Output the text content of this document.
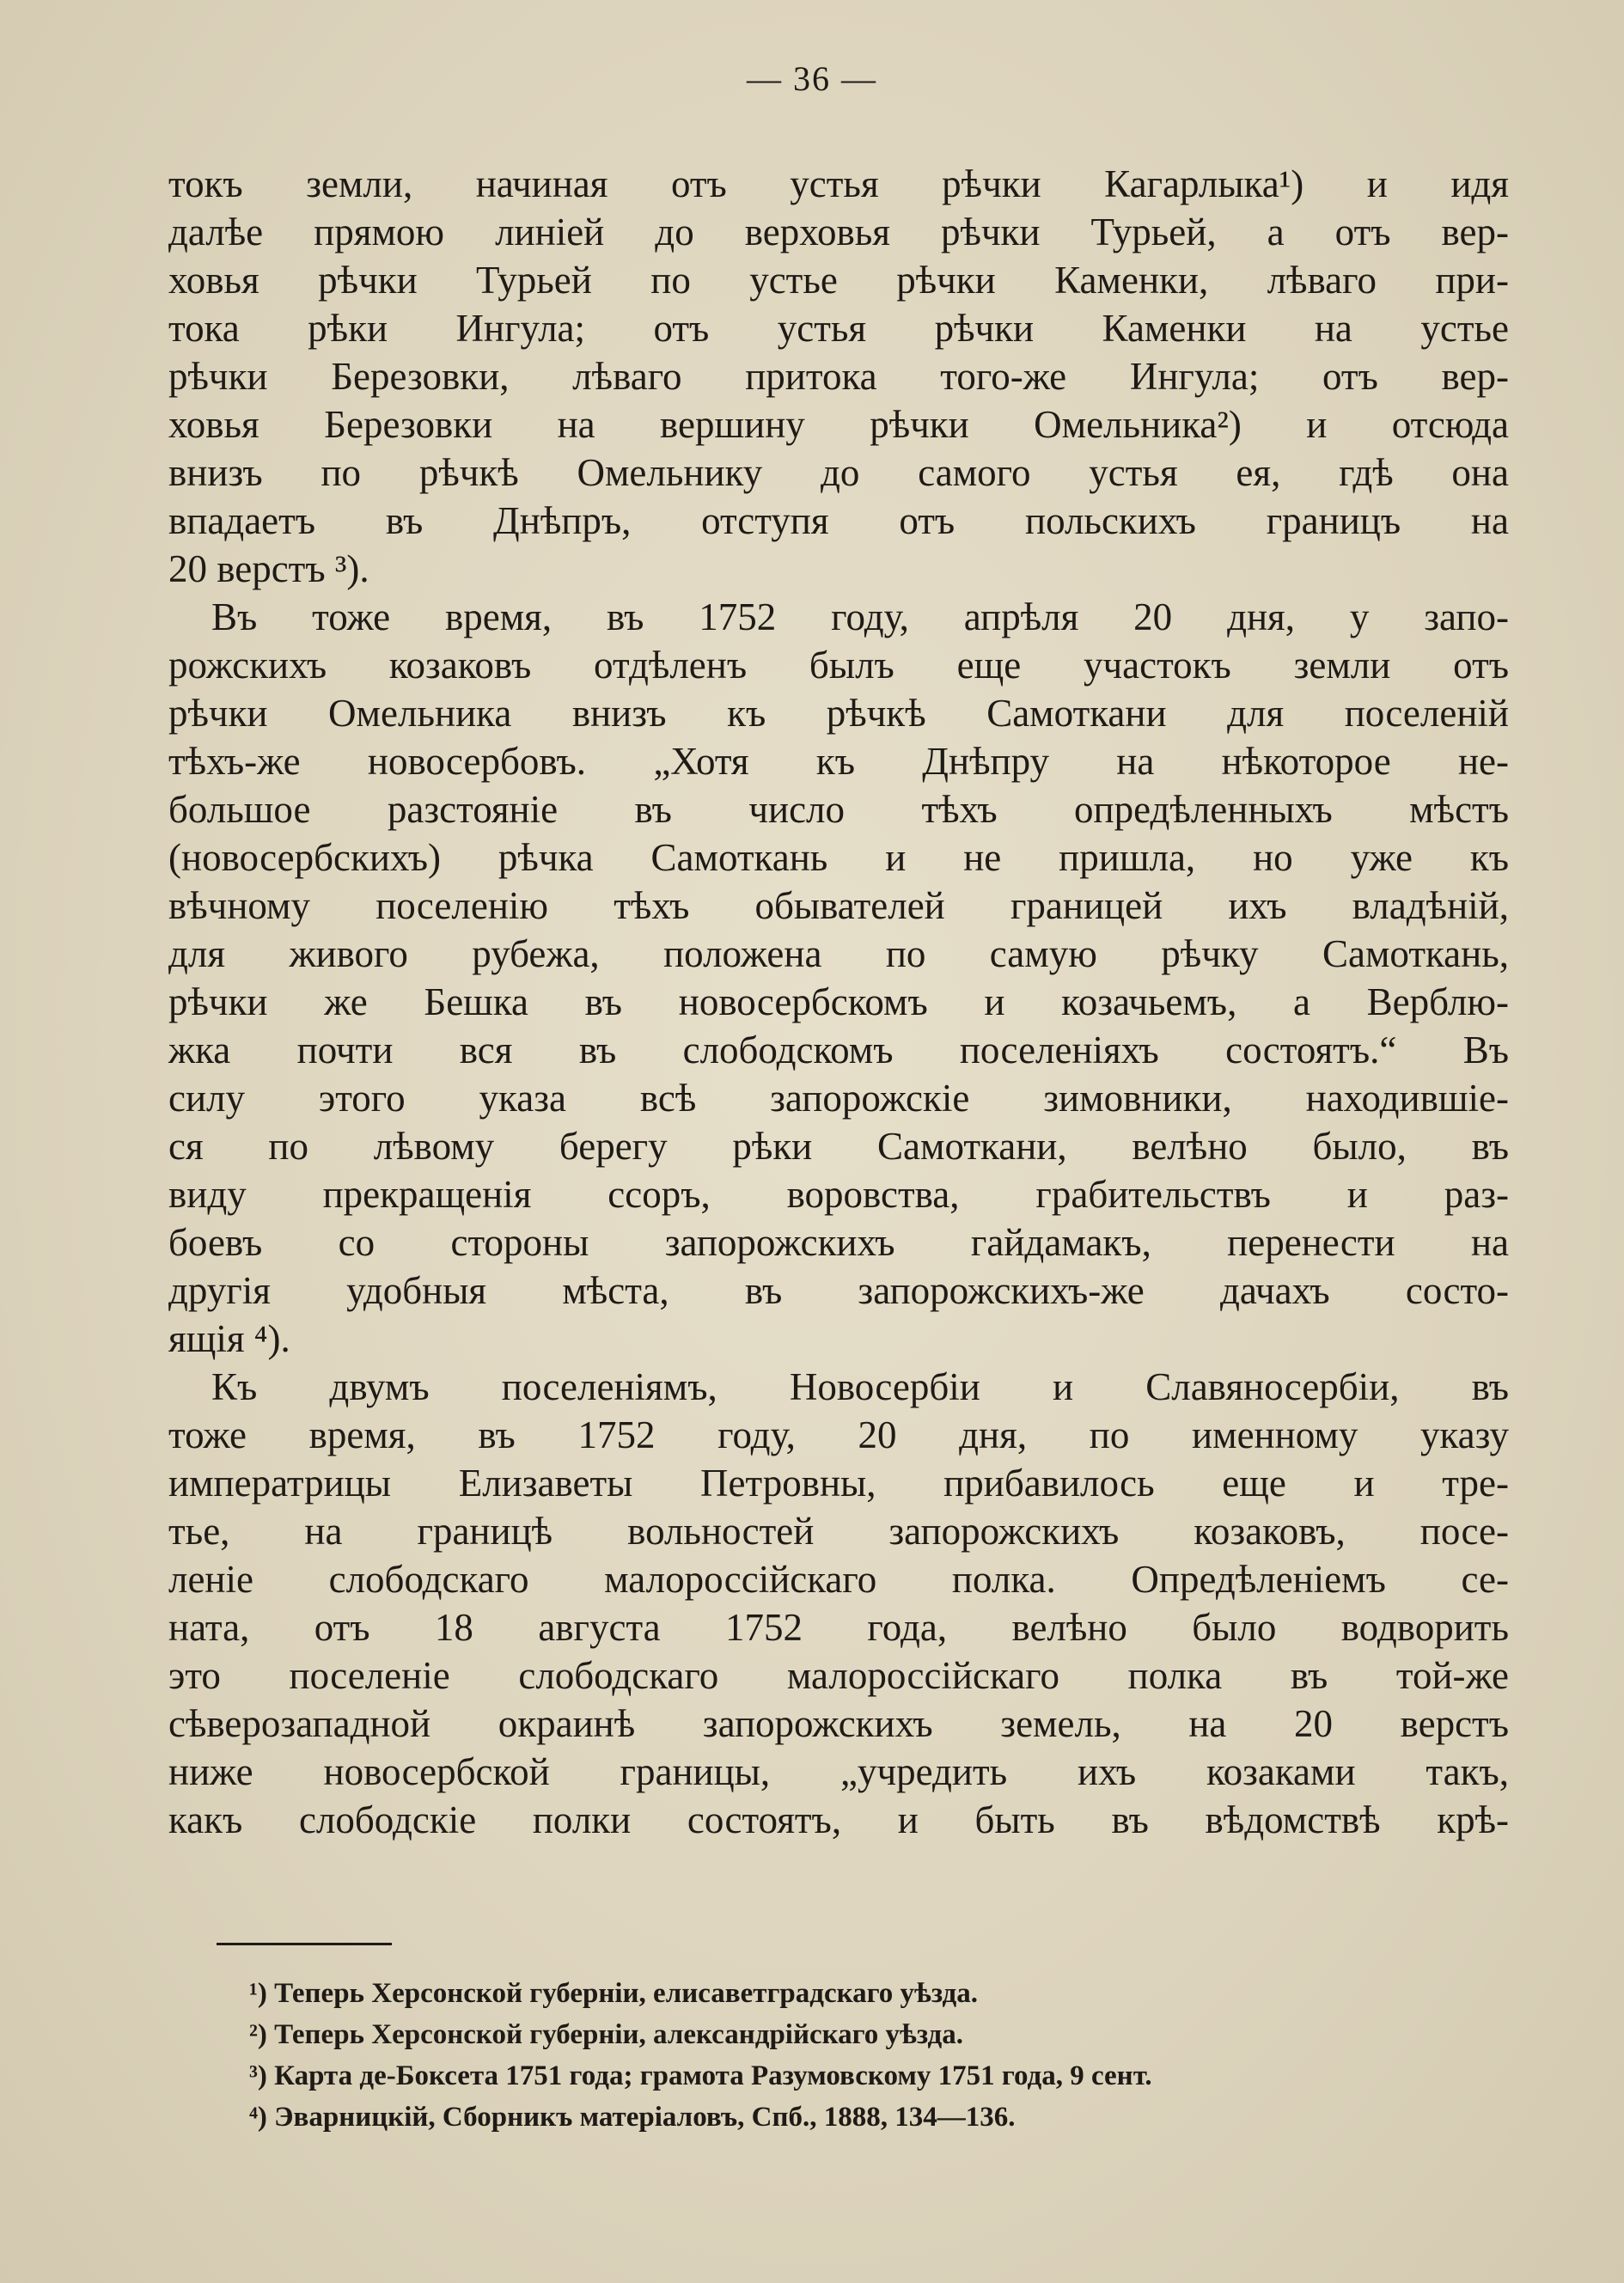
— 36 —
токъ земли, начиная отъ устья рѣчки Кагарлыка¹) и идя
далѣе прямою линіей до верховья рѣчки Турьей, а отъ вер-
ховья рѣчки Турьей по устье рѣчки Каменки, лѣваго при-
тока рѣки Ингула; отъ устья рѣчки Каменки на устье
рѣчки Березовки, лѣваго притока того-же Ингула; отъ вер-
ховья Березовки на вершину рѣчки Омельника²) и отсюда
внизъ по рѣчкѣ Омельнику до самого устья ея, гдѣ она
впадаетъ въ Днѣпръ, отступя отъ польскихъ границъ на
20 верстъ ³).
Въ тоже время, въ 1752 году, апрѣля 20 дня, у запо-
рожскихъ козаковъ отдѣленъ былъ еще участокъ земли отъ
рѣчки Омельника внизъ къ рѣчкѣ Самоткани для поселеній
тѣхъ-же новосербовъ. „Хотя къ Днѣпру на нѣкоторое не-
большое разстояніе въ число тѣхъ опредѣленныхъ мѣстъ
(новосербскихъ) рѣчка Самоткань и не пришла, но уже къ
вѣчному поселенію тѣхъ обывателей границей ихъ владѣній,
для живого рубежа, положена по самую рѣчку Самоткань,
рѣчки же Бешка въ новосербскомъ и козачьемъ, а Верблю-
жка почти вся въ слободскомъ поселеніяхъ состоятъ.“ Въ
силу этого указа всѣ запорожскіе зимовники, находившіе-
ся по лѣвому берегу рѣки Самоткани, велѣно было, въ
виду прекращенія ссоръ, воровства, грабительствъ и раз-
боевъ со стороны запорожскихъ гайдамакъ, перенести на
другія удобныя мѣста, въ запорожскихъ-же дачахъ состо-
ящія ⁴).
Къ двумъ поселеніямъ, Новосербіи и Славяносербіи, въ
тоже время, въ 1752 году, 20 дня, по именному указу
императрицы Елизаветы Петровны, прибавилось еще и тре-
тье, на границѣ вольностей запорожскихъ козаковъ, посе-
леніе слободскаго малороссійскаго полка. Опредѣленіемъ се-
ната, отъ 18 августа 1752 года, велѣно было водворить
это поселеніе слободскаго малороссійскаго полка въ той-же
сѣверозападной окраинѣ запорожскихъ земель, на 20 верстъ
ниже новосербской границы, „учредить ихъ козаками такъ,
какъ слободскіе полки состоятъ, и быть въ вѣдомствѣ крѣ-
¹) Теперь Херсонской губерніи, елисаветградскаго уѣзда.
²) Теперь Херсонской губерніи, александрійскаго уѣзда.
³) Карта де-Боксета 1751 года; грамота Разумовскому 1751 года, 9 сент.
⁴) Эварницкій, Сборникъ матеріаловъ, Спб., 1888, 134—136.
